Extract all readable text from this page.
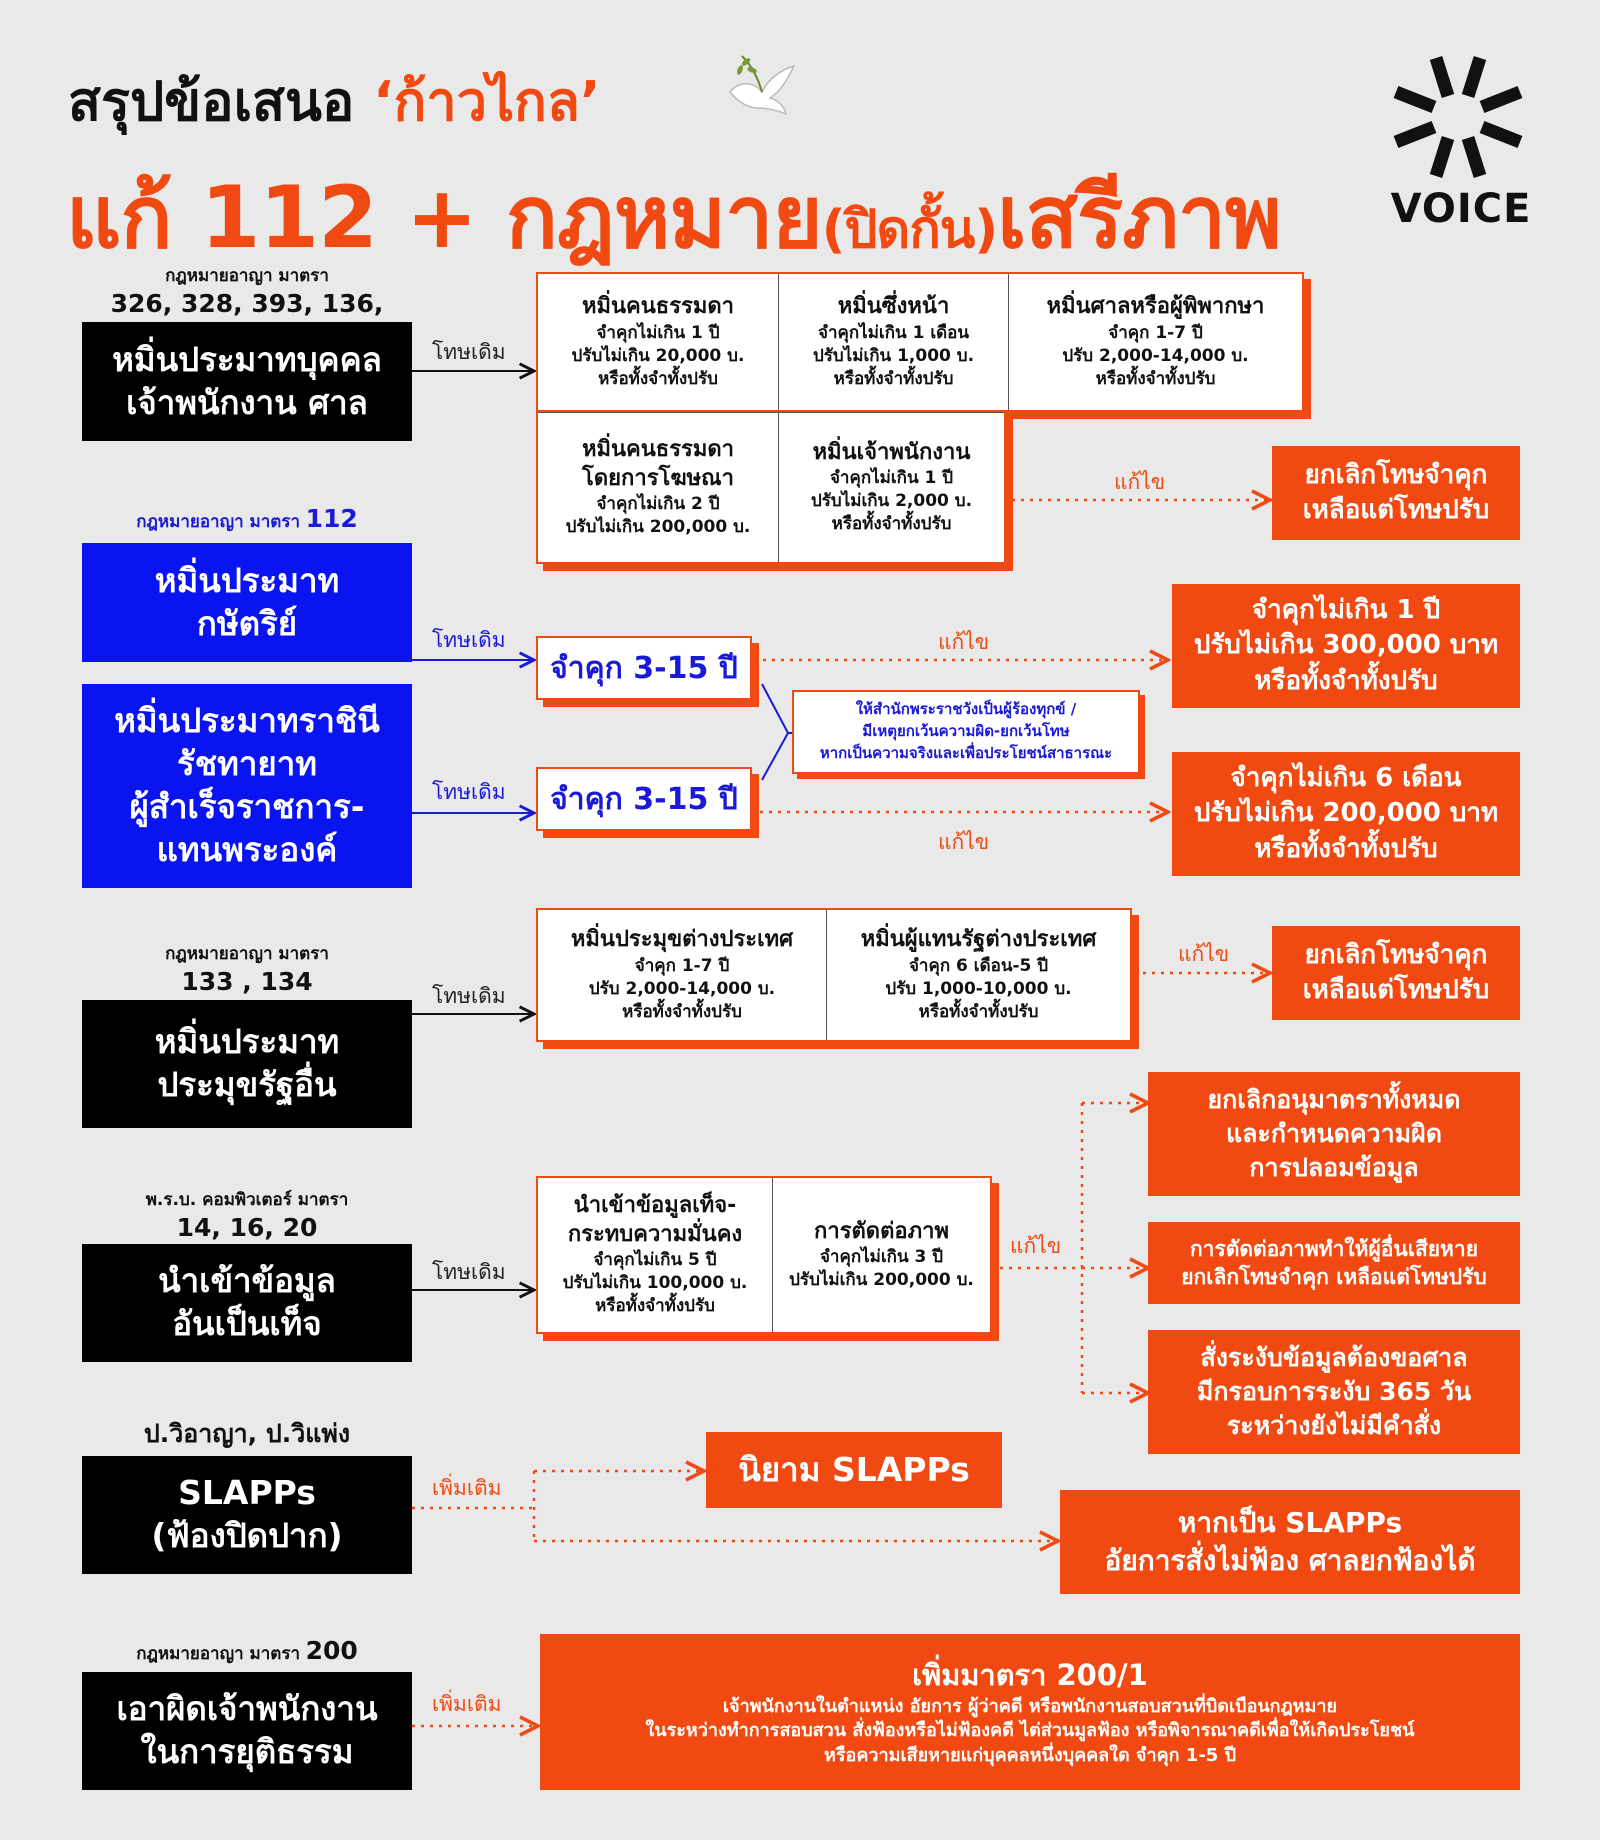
สรุปข้อเสนอ ‘ก้าวไกล’
แก้ 112 + กฎหมาย(ปิดกั้น)เสรีภาพ	VOICE
กฎหมายอาญา มาตรา
326, 328, 393, 136,
หมิ่นประมาทบุคคล
เจ้าพนักงาน ศาล
โทษเดิม
หมิ่นคนธรรมดา
จำคุกไม่เกิน 1 ปี
ปรับไม่เกิน 20,000 บ.
หรือทั้งจำทั้งปรับ
หมิ่นซึ่งหน้า
จำคุกไม่เกิน 1 เดือน
ปรับไม่เกิน 1,000 บ.
หรือทั้งจำทั้งปรับ
หมิ่นศาลหรือผู้พิพากษา
จำคุก 1-7 ปี
ปรับ 2,000-14,000 บ.
หรือทั้งจำทั้งปรับ
หมิ่นคนธรรมดา
โดยการโฆษณา
จำคุกไม่เกิน 2 ปี
ปรับไม่เกิน 200,000 บ.
หมิ่นเจ้าพนักงาน
จำคุกไม่เกิน 1 ปี
ปรับไม่เกิน 2,000 บ.
หรือทั้งจำทั้งปรับ
แก้ไข	ยกเลิกโทษจำคุก
เหลือแต่โทษปรับ
กฎหมายอาญา มาตรา 112
หมิ่นประมาท
กษัตริย์
หมิ่นประมาทราชินี
รัชทายาท
ผู้สำเร็จราชการ-
แทนพระองค์
โทษเดิม
โทษเดิม
จำคุก 3-15 ปี
จำคุก 3-15 ปี
ให้สำนักพระราชวังเป็นผู้ร้องทุกข์ /
มีเหตุยกเว้นความผิด-ยกเว้นโทษ
หากเป็นความจริงและเพื่อประโยชน์สาธารณะ
แก้ไข
แก้ไข
จำคุกไม่เกิน 1 ปี
ปรับไม่เกิน 300,000 บาท
หรือทั้งจำทั้งปรับ
จำคุกไม่เกิน 6 เดือน
ปรับไม่เกิน 200,000 บาท
หรือทั้งจำทั้งปรับ
กฎหมายอาญา มาตรา
133 , 134
หมิ่นประมาท
ประมุขรัฐอื่น
โทษเดิม
หมิ่นประมุขต่างประเทศ
จำคุก 1-7 ปี
ปรับ 2,000-14,000 บ.
หรือทั้งจำทั้งปรับ
หมิ่นผู้แทนรัฐต่างประเทศ
จำคุก 6 เดือน-5 ปี
ปรับ 1,000-10,000 บ.
หรือทั้งจำทั้งปรับ
แก้ไข	ยกเลิกโทษจำคุก
เหลือแต่โทษปรับ
พ.ร.บ. คอมพิวเตอร์ มาตรา
14, 16, 20
นำเข้าข้อมูล
อันเป็นเท็จ
โทษเดิม
นำเข้าข้อมูลเท็จ-
กระทบความมั่นคง
จำคุกไม่เกิน 5 ปี
ปรับไม่เกิน 100,000 บ.
หรือทั้งจำทั้งปรับ
การตัดต่อภาพ
จำคุกไม่เกิน 3 ปี
ปรับไม่เกิน 200,000 บ.
แก้ไข
ยกเลิกอนุมาตราทั้งหมด
และกำหนดความผิด
การปลอมข้อมูล
การตัดต่อภาพทำให้ผู้อื่นเสียหาย
ยกเลิกโทษจำคุก เหลือแต่โทษปรับ
สั่งระงับข้อมูลต้องขอศาล
มีกรอบการระงับ 365 วัน
ระหว่างยังไม่มีคำสั่ง
ป.วิอาญา, ป.วิแพ่ง
SLAPPs
(ฟ้องปิดปาก)
เพิ่มเติม	นิยาม SLAPPs
หากเป็น SLAPPs
อัยการสั่งไม่ฟ้อง ศาลยกฟ้องได้
กฎหมายอาญา มาตรา 200
เอาผิดเจ้าพนักงาน
ในการยุติธรรม
เพิ่มเติม
เพิ่มมาตรา 200/1
เจ้าพนักงานในตำแหน่ง อัยการ ผู้ว่าคดี หรือพนักงานสอบสวนที่บิดเบือนกฎหมาย
ในระหว่างทำการสอบสวน สั่งฟ้องหรือไม่ฟ้องคดี ไต่ส่วนมูลฟ้อง หรือพิจารณาคดีเพื่อให้เกิดประโยชน์
หรือความเสียหายแก่บุคคลหนึ่งบุคคลใด จำคุก 1-5 ปี
